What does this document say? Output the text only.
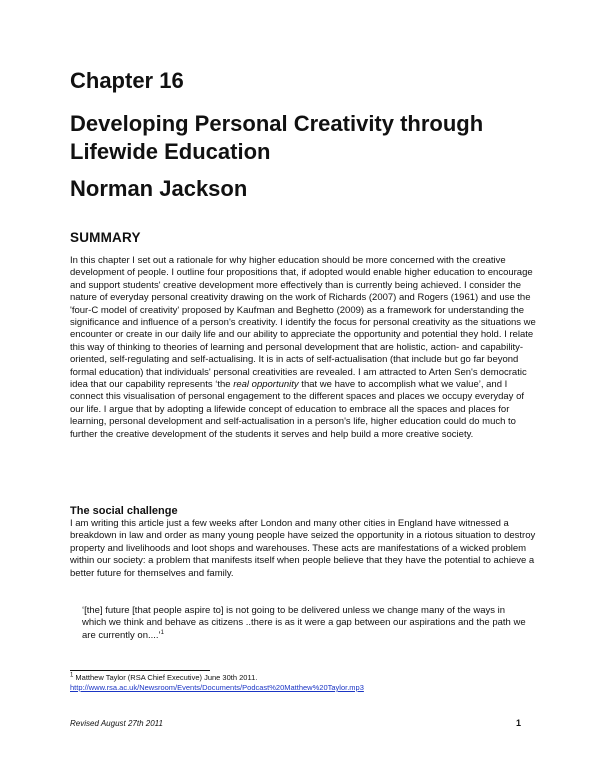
Chapter 16
Developing Personal Creativity through Lifewide Education
Norman Jackson
SUMMARY

In this chapter I set out a rationale for why higher education should be more concerned with the creative development of people. I outline four propositions that, if adopted would enable higher education to encourage and support students' creative development more effectively than is currently being achieved. I consider the nature of everyday personal creativity drawing on the work of Richards (2007) and Rogers (1961) and use the 'four-C model of creativity' proposed by Kaufman and Beghetto (2009) as a framework for understanding the significance and influence of a person's creativity. I identify the focus for personal creativity as the situations we encounter or create in our daily life and our ability to appreciate the opportunity and potential they hold. I relate this way of thinking to theories of learning and personal development that are holistic, action- and capability-oriented, self-regulating and self-actualising. It is in acts of self-actualisation (that include but go far beyond formal education) that individuals' personal creativities are revealed. I am attracted to Arten Sen's democratic idea that our capability represents ‘the real opportunity that we have to accomplish what we value’, and I connect this visualisation of personal engagement to the different spaces and places we occupy everyday of our life. I argue that by adopting a lifewide concept of education to embrace all the spaces and places for learning, personal development and self-actualisation in a person's life, higher education could do much to further the creative development of the students it serves and help build a more creative society.

The social challenge

I am writing this article just a few weeks after London and many other cities in England have witnessed a breakdown in law and order as many young people have seized the opportunity in a riotous situation to destroy property and livelihoods and loot shops and warehouses. These acts are manifestations of a wicked problem within our society: a problem that manifests itself when people believe that they have the potential to achieve a better future for themselves and family.

‘[the] future [that people aspire to] is not going to be delivered unless we change many of the ways in which we think and behave as citizens ..there is as it were a gap between our aspirations and the path we are currently on....’$^1$

$^1$ Matthew Taylor (RSA Chief Executive) June 30th 2011.
http://www.rsa.ac.uk/Newsroom/Events/Documents/Podcast%20Matthew%20Taylor.mp3
Revised August 27th 2011	1
